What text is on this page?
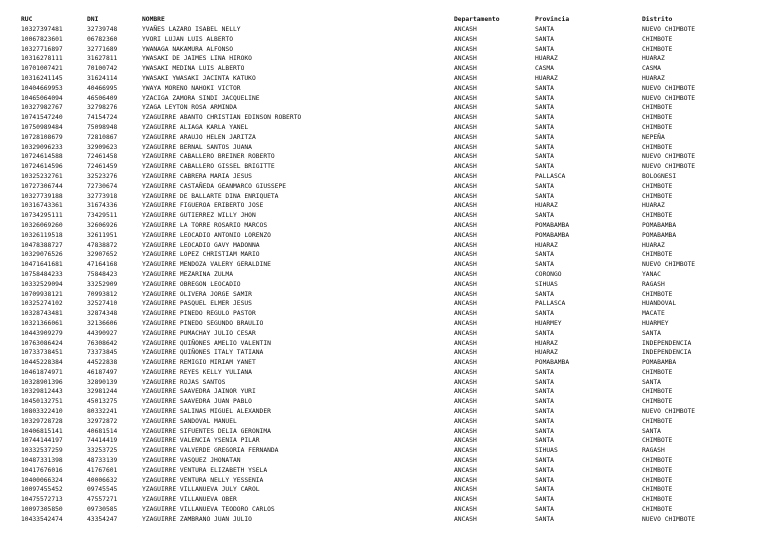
RUC	DNI	NOMBRE	Departamento	Provincia	Distrito
10327397481	32739748	YVAÑES LAZARO ISABEL NELLY	ANCASH	SANTA	NUEVO CHIMBOTE
10067823601	06782360	YVORI LUJAN LUIS ALBERTO	ANCASH	SANTA	CHIMBOTE
10327716897	32771689	YWANAGA NAKAMURA ALFONSO	ANCASH	SANTA	CHIMBOTE
10316278111	31627811	YWASAKI DE JAIMES LINA HIROKO	ANCASH	HUARAZ	HUARAZ
10701007421	70100742	YWASAKI MEDINA LUIS ALBERTO	ANCASH	CASMA	CASMA
10316241145	31624114	YWASAKI YWASAKI JACINTA KATUKO	ANCASH	HUARAZ	HUARAZ
10404669953	40466995	YWAYA MORENO NAHOKI VICTOR	ANCASH	SANTA	NUEVO CHIMBOTE
10465064094	46506409	YZACIGA ZAMORA SINDI JACQUELINE	ANCASH	SANTA	NUEVO CHIMBOTE
10327982767	32798276	YZAGA LEYTON ROSA ARMINDA	ANCASH	SANTA	CHIMBOTE
10741547240	74154724	YZAGUIRRE ABANTO CHRISTIAN EDINSON ROBERTO	ANCASH	SANTA	CHIMBOTE
10750989484	75098948	YZAGUIRRE ALIAGA KARLA YANEL	ANCASH	SANTA	CHIMBOTE
10728108679	72810867	YZAGUIRRE ARAUJO HELEN JARITZA	ANCASH	SANTA	NEPEÑA
10329096233	32909623	YZAGUIRRE BERNAL SANTOS JUANA	ANCASH	SANTA	CHIMBOTE
10724614588	72461458	YZAGUIRRE CABALLERO BREINER ROBERTO	ANCASH	SANTA	NUEVO CHIMBOTE
10724614596	72461459	YZAGUIRRE CABALLERO GISSEL BRIGITTE	ANCASH	SANTA	NUEVO CHIMBOTE
10325232761	32523276	YZAGUIRRE CABRERA MARIA JESUS	ANCASH	PALLASCA	BOLOGNESI
10727306744	72730674	YZAGUIRRE CASTAÑEDA GEANMARCO GIUSSEPE	ANCASH	SANTA	CHIMBOTE
10327739188	32773918	YZAGUIRRE DE BALLARTE DINA ENRIQUETA	ANCASH	SANTA	CHIMBOTE
10316743361	31674336	YZAGUIRRE FIGUEROA ERIBERTO JOSE	ANCASH	HUARAZ	HUARAZ
10734295111	73429511	YZAGUIRRE GUTIERREZ WILLY JHON	ANCASH	SANTA	CHIMBOTE
10326069260	32606926	YZAGUIRRE LA TORRE ROSARIO MARCOS	ANCASH	POMABAMBA	POMABAMBA
10326119518	32611951	YZAGUIRRE LEOCADIO ANTONIO LORENZO	ANCASH	POMABAMBA	POMABAMBA
10478388727	47838872	YZAGUIRRE LEOCADIO GAVY MADONNA	ANCASH	HUARAZ	HUARAZ
10329076526	32907652	YZAGUIRRE LOPEZ CHRISTIAM MARIO	ANCASH	SANTA	CHIMBOTE
10471641681	47164168	YZAGUIRRE MENDOZA VALERY GERALDINE	ANCASH	SANTA	NUEVO CHIMBOTE
10758484233	75848423	YZAGUIRRE MEZARINA ZULMA	ANCASH	CORONGO	YANAC
10332529094	33252909	YZAGUIRRE OBREGON LEOCADIO	ANCASH	SIHUAS	RAGASH
10709938121	70993812	YZAGUIRRE OLIVERA JORGE SAMIR	ANCASH	SANTA	CHIMBOTE
10325274102	32527410	YZAGUIRRE PASQUEL ELMER JESUS	ANCASH	PALLASCA	HUANDOVAL
10328743481	32874348	YZAGUIRRE PINEDO REGULO PASTOR	ANCASH	SANTA	MACATE
10321366061	32136606	YZAGUIRRE PINEDO SEGUNDO BRAULIO	ANCASH	HUARMEY	HUARMEY
10443909279	44390927	YZAGUIRRE PUMACHAY JULIO CESAR	ANCASH	SANTA	SANTA
10763086424	76308642	YZAGUIRRE QUIÑONES AMELIO VALENTIN	ANCASH	HUARAZ	INDEPENDENCIA
10733738451	73373845	YZAGUIRRE QUIÑONES ITALY TATIANA	ANCASH	HUARAZ	INDEPENDENCIA
10445228384	44522838	YZAGUIRRE REMIGIO MIRIAM YANET	ANCASH	POMABAMBA	POMABAMBA
10461874971	46187497	YZAGUIRRE REYES KELLY YULIANA	ANCASH	SANTA	CHIMBOTE
10328901396	32890139	YZAGUIRRE ROJAS SANTOS	ANCASH	SANTA	SANTA
10329812443	32981244	YZAGUIRRE SAAVEDRA JAINOR YURI	ANCASH	SANTA	CHIMBOTE
10450132751	45013275	YZAGUIRRE SAAVEDRA JUAN PABLO	ANCASH	SANTA	CHIMBOTE
10803322410	80332241	YZAGUIRRE SALINAS MIGUEL ALEXANDER	ANCASH	SANTA	NUEVO CHIMBOTE
10329728728	32972872	YZAGUIRRE SANDOVAL MANUEL	ANCASH	SANTA	CHIMBOTE
10406815141	40681514	YZAGUIRRE SIFUENTES DELIA GERONIMA	ANCASH	SANTA	SANTA
10744144197	74414419	YZAGUIRRE VALENCIA YSENIA PILAR	ANCASH	SANTA	CHIMBOTE
10332537259	33253725	YZAGUIRRE VALVERDE GREGORIA FERNANDA	ANCASH	SIHUAS	RAGASH
10487331398	48733139	YZAGUIRRE VASQUEZ JHONATAN	ANCASH	SANTA	CHIMBOTE
10417676016	41767601	YZAGUIRRE VENTURA ELIZABETH YSELA	ANCASH	SANTA	CHIMBOTE
10400066324	40006632	YZAGUIRRE VENTURA NELLY YESSENIA	ANCASH	SANTA	CHIMBOTE
10097455452	09745545	YZAGUIRRE VILLANUEVA JULY CAROL	ANCASH	SANTA	CHIMBOTE
10475572713	47557271	YZAGUIRRE VILLANUEVA OBER	ANCASH	SANTA	CHIMBOTE
10097305850	09730585	YZAGUIRRE VILLANUEVA TEODORO CARLOS	ANCASH	SANTA	CHIMBOTE
10433542474	43354247	YZAGUIRRE ZAMBRANO JUAN JULIO	ANCASH	SANTA	NUEVO CHIMBOTE
